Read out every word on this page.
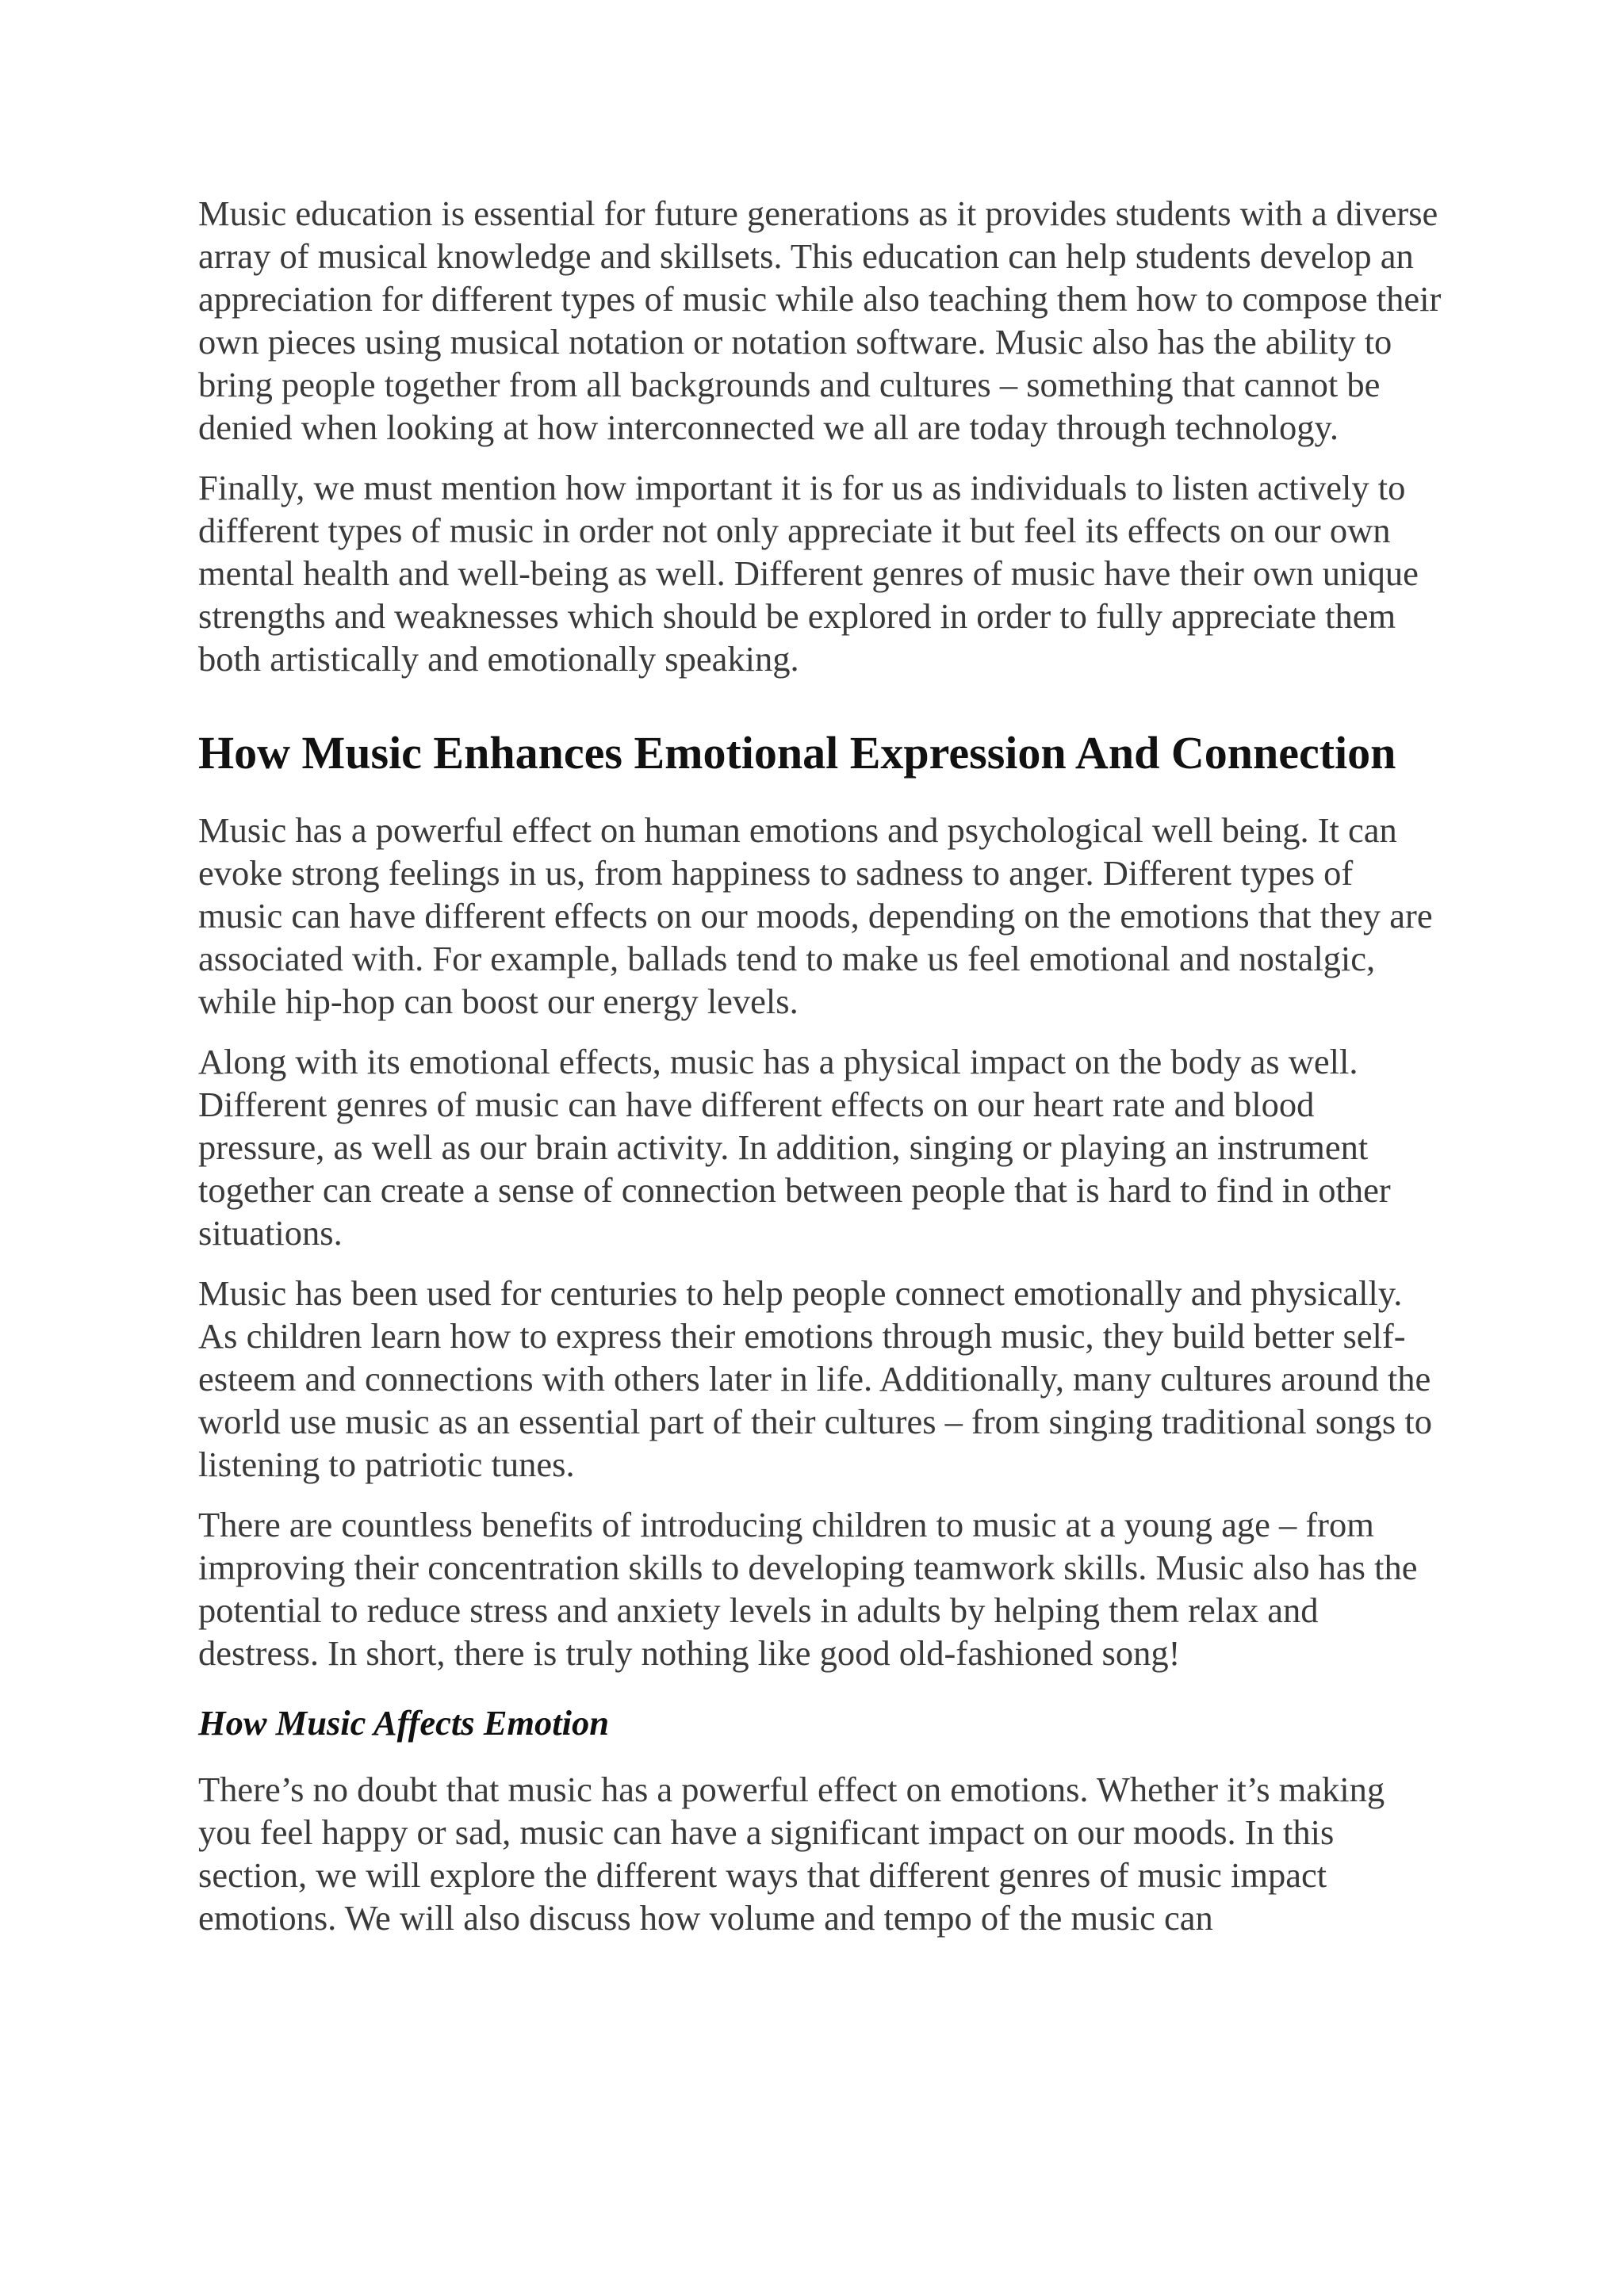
Music education is essential for future generations as it provides students with a diverse array of musical knowledge and skillsets. This education can help students develop an appreciation for different types of music while also teaching them how to compose their own pieces using musical notation or notation software. Music also has the ability to bring people together from all backgrounds and cultures – something that cannot be denied when looking at how interconnected we all are today through technology.

Finally, we must mention how important it is for us as individuals to listen actively to different types of music in order not only appreciate it but feel its effects on our own mental health and well-being as well. Different genres of music have their own unique strengths and weaknesses which should be explored in order to fully appreciate them both artistically and emotionally speaking.

How Music Enhances Emotional Expression And Connection

Music has a powerful effect on human emotions and psychological well being. It can evoke strong feelings in us, from happiness to sadness to anger. Different types of music can have different effects on our moods, depending on the emotions that they are associated with. For example, ballads tend to make us feel emotional and nostalgic, while hip-hop can boost our energy levels.

Along with its emotional effects, music has a physical impact on the body as well. Different genres of music can have different effects on our heart rate and blood pressure, as well as our brain activity. In addition, singing or playing an instrument together can create a sense of connection between people that is hard to find in other situations.

Music has been used for centuries to help people connect emotionally and physically. As children learn how to express their emotions through music, they build better self-esteem and connections with others later in life. Additionally, many cultures around the world use music as an essential part of their cultures – from singing traditional songs to listening to patriotic tunes.

There are countless benefits of introducing children to music at a young age – from improving their concentration skills to developing teamwork skills. Music also has the potential to reduce stress and anxiety levels in adults by helping them relax and destress. In short, there is truly nothing like good old-fashioned song!

How Music Affects Emotion

There’s no doubt that music has a powerful effect on emotions. Whether it’s making you feel happy or sad, music can have a significant impact on our moods. In this section, we will explore the different ways that different genres of music impact emotions. We will also discuss how volume and tempo of the music can
